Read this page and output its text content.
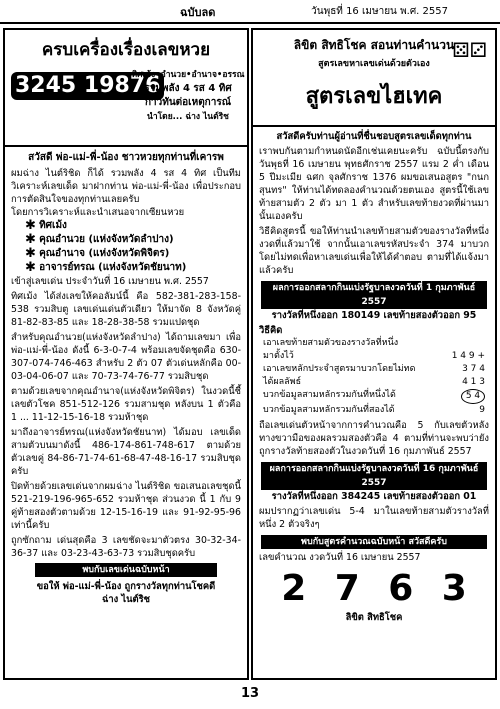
ฉบับลด	วันพุธที่ 16 เมษายน พ.ศ. 2557
ครบเครื่องเรื่องเลขหวย
3245 19876
ทิศเม้ง•อำนวย•อำนาจ•อรรณ
รวมพลัง 4 รส 4 ทิศ
ก้าวทันต่อเหตุการณ์
นำโดย... ฉ่าง ไนต์ริช
สวัสดี พ่อ-แม่-พี่-น้อง ชาวหวยทุกท่านที่เคารพ
ผมฉ่าง ไนต์ริชิด ก็ได้ รวมพลัง 4 รส 4 ทิศ เป็นทีมวิเคราะห์เลขเด็ด มาฝากท่าน พ่อ-แม่-พี่-น้อง เพื่อประกอบการตัดสินใจของทุกท่านเลยครับ
โดยการวิเคราะห์และนำเสนอจากเซียนหวย
✱ ทิศเม้ง
✱ คุณอำนวย (แห่งจังหวัดลำปาง)
✱ คุณอำนาจ (แห่งจังหวัดพิจิตร)
✱ อาจารย์ทรณ (แห่งจังหวัดชัยนาท)
เข้าสู่เลขเด่น ประจำวันที่ 16 เมษายน พ.ศ. 2557
ทิศเม้ง ได้ส่งเลขให้คอลัมน์นี้ คือ 582-381-283-158-538 รวมสิบตู เลขเด่นเด่นตัวเดียว ให้มาจัด 8 จังหวัดคู่ 81-82-83-85 และ 18-28-38-58 รวมแปดชุด
สำหรับคุณอำนวย(แห่งจังหวัดลำปาง) ได้ถามเลขมา เพื่อ พ่อ-แม่-พี่-น้อง ดังนี้ 6-3-0-7-4 พร้อมเลขจัดชุดคือ 630-307-074-746-463 สำหรับ 2 ตัว 07 ตัวเด่นหลักคือ 00-03-04-06-07 และ 70-73-74-76-77 รวมสิบชุด
ตามด้วยเลขจากคุณอำนาจ(แห่งจังหวัดพิจิตร) ในงวดนี้ชี้เลขตัวโชค 851-512-126 รวมสามชุด หลังบน 1 ตัวคือ 1 ... 11-12-15-16-18 รวมห้าชุด
มาถึงอาจารย์ทรณ(แห่งจังหวัดชัยนาท) ได้มอบ เลขเด็ดสามตัวบนมาดังนี้ 486-174-861-748-617 ตามด้วยตัวเลขคู่ 84-86-71-74-61-68-47-48-16-17 รวมสิบชุดครับ
ปิดท้ายด้วยเลขเด่นจากผมฉ่าง ไนต์ริชิด ขอเสนอเลขชุดนี้ 521-219-196-965-652 รวมห้าชุด ส่วนงวด นี้ 1 กับ 9 คู่ท้ายสองตัวตามด้วย 12-15-16-19 และ 91-92-95-96 เท่านี้ครับ
ถูกซักถาม เด่นสุดคือ 3 เลขชัดจะมาตัวตรง 30-32-34-36-37 และ 03-23-43-63-73 รวมสิบชุดครับ
พบกับเลขเด่นฉบับหน้า
ขอให้ พ่อ-แม่-พี่-น้อง ถูกรางวัลทุกท่านโชคดี
ฉ่าง ไนต์ริช
ลิขิต สิทธิโชค สอนท่านคำนวน
สูตรเลขหาเลขเด่นด้วยตัวเอง
สูตรเลขไฮเทค
⚄⚂
สวัสดีครับท่านผู้อ่านที่ชื่นชอบสูตรเลขเด็ดทุกท่าน
เราพบกันตามกำหนดนัดอีกเช่นเคยนะครับ ฉบับนี้ตรงกับวันพุธที่ 16 เมษายน พุทธศักราช 2557 แรม 2 ค่ำ เดือน 5 ปีมะเมีย ฉศก จุลศักราช 1376 ผมขอเสนอสูตร "กนกสุนทร" ให้ท่านได้ทดลองคำนวณด้วยตนเอง สูตรนี้ใช้เลขท้ายสามตัว 2 ตัว มา 1 ตัว สำหรับเลขท้ายงวดที่ผ่านมานั้นเองครับ
วิธีคิดสูตรนี้ ขอให้ท่านนำเลขท้ายสามตัวของรางวัลที่หนึ่งงวดที่แล้วมาใช้ จากนั้นเอาเลขรหัสประจำ 374 มาบวกโดยไม่ทดเพื่อหาเลขเด่นเพื่อให้ได้คำตอบ ตามที่ได้แจ้งมาแล้วครับ
ผลการออกสลากกินแบ่งรัฐบาลงวดวันที่ 1 กุมภาพันธ์ 2557
รางวัลที่หนึ่งออก 180149 เลขท้ายสองตัวออก 95
วิธีคิด
เอาเลขท้ายสามตัวของรางวัลที่หนึ่ง
มาตั้งไว้	1 4 9 +
เอาเลขหลักประจำสูตรมาบวกโดยไม่ทด	3 7 4
ได้ผลลัพธ์	4 1 3
บวกข้อมูลสามหลักรวมกันที่หนึ่งได้	5 4
บวกข้อมูลสามหลักรวมกันที่สองได้	9
ถือเลขเด่นตัวหน้าจากการคำนวณคือ 5 กับเลขตัวหลังทางขวามือของผลรวมสองตัวคือ 4 ตามที่ท่านจะพบว่ายังถูกรางวัลท้ายสองตัวในงวดวันที่ 16 กุมภาพันธ์ 2557
ผลการออกสลากกินแบ่งรัฐบาลงวดวันที่ 16 กุมภาพันธ์ 2557
รางวัลที่หนึ่งออก 384245 เลขท้ายสองตัวออก 01
ผมปรากฏว่าเลขเด่น 5-4 มาในเลขท้ายสามตัวรางวัลที่หนึ่ง 2 ตัวจริงๆ
พบกับสูตรคำนวณฉบับหน้า สวัสดีครับ
เลขคำนวณ งวดวันที่ 16 เมษายน 2557
2 7 6 3
ลิขิต สิทธิโชค
13
